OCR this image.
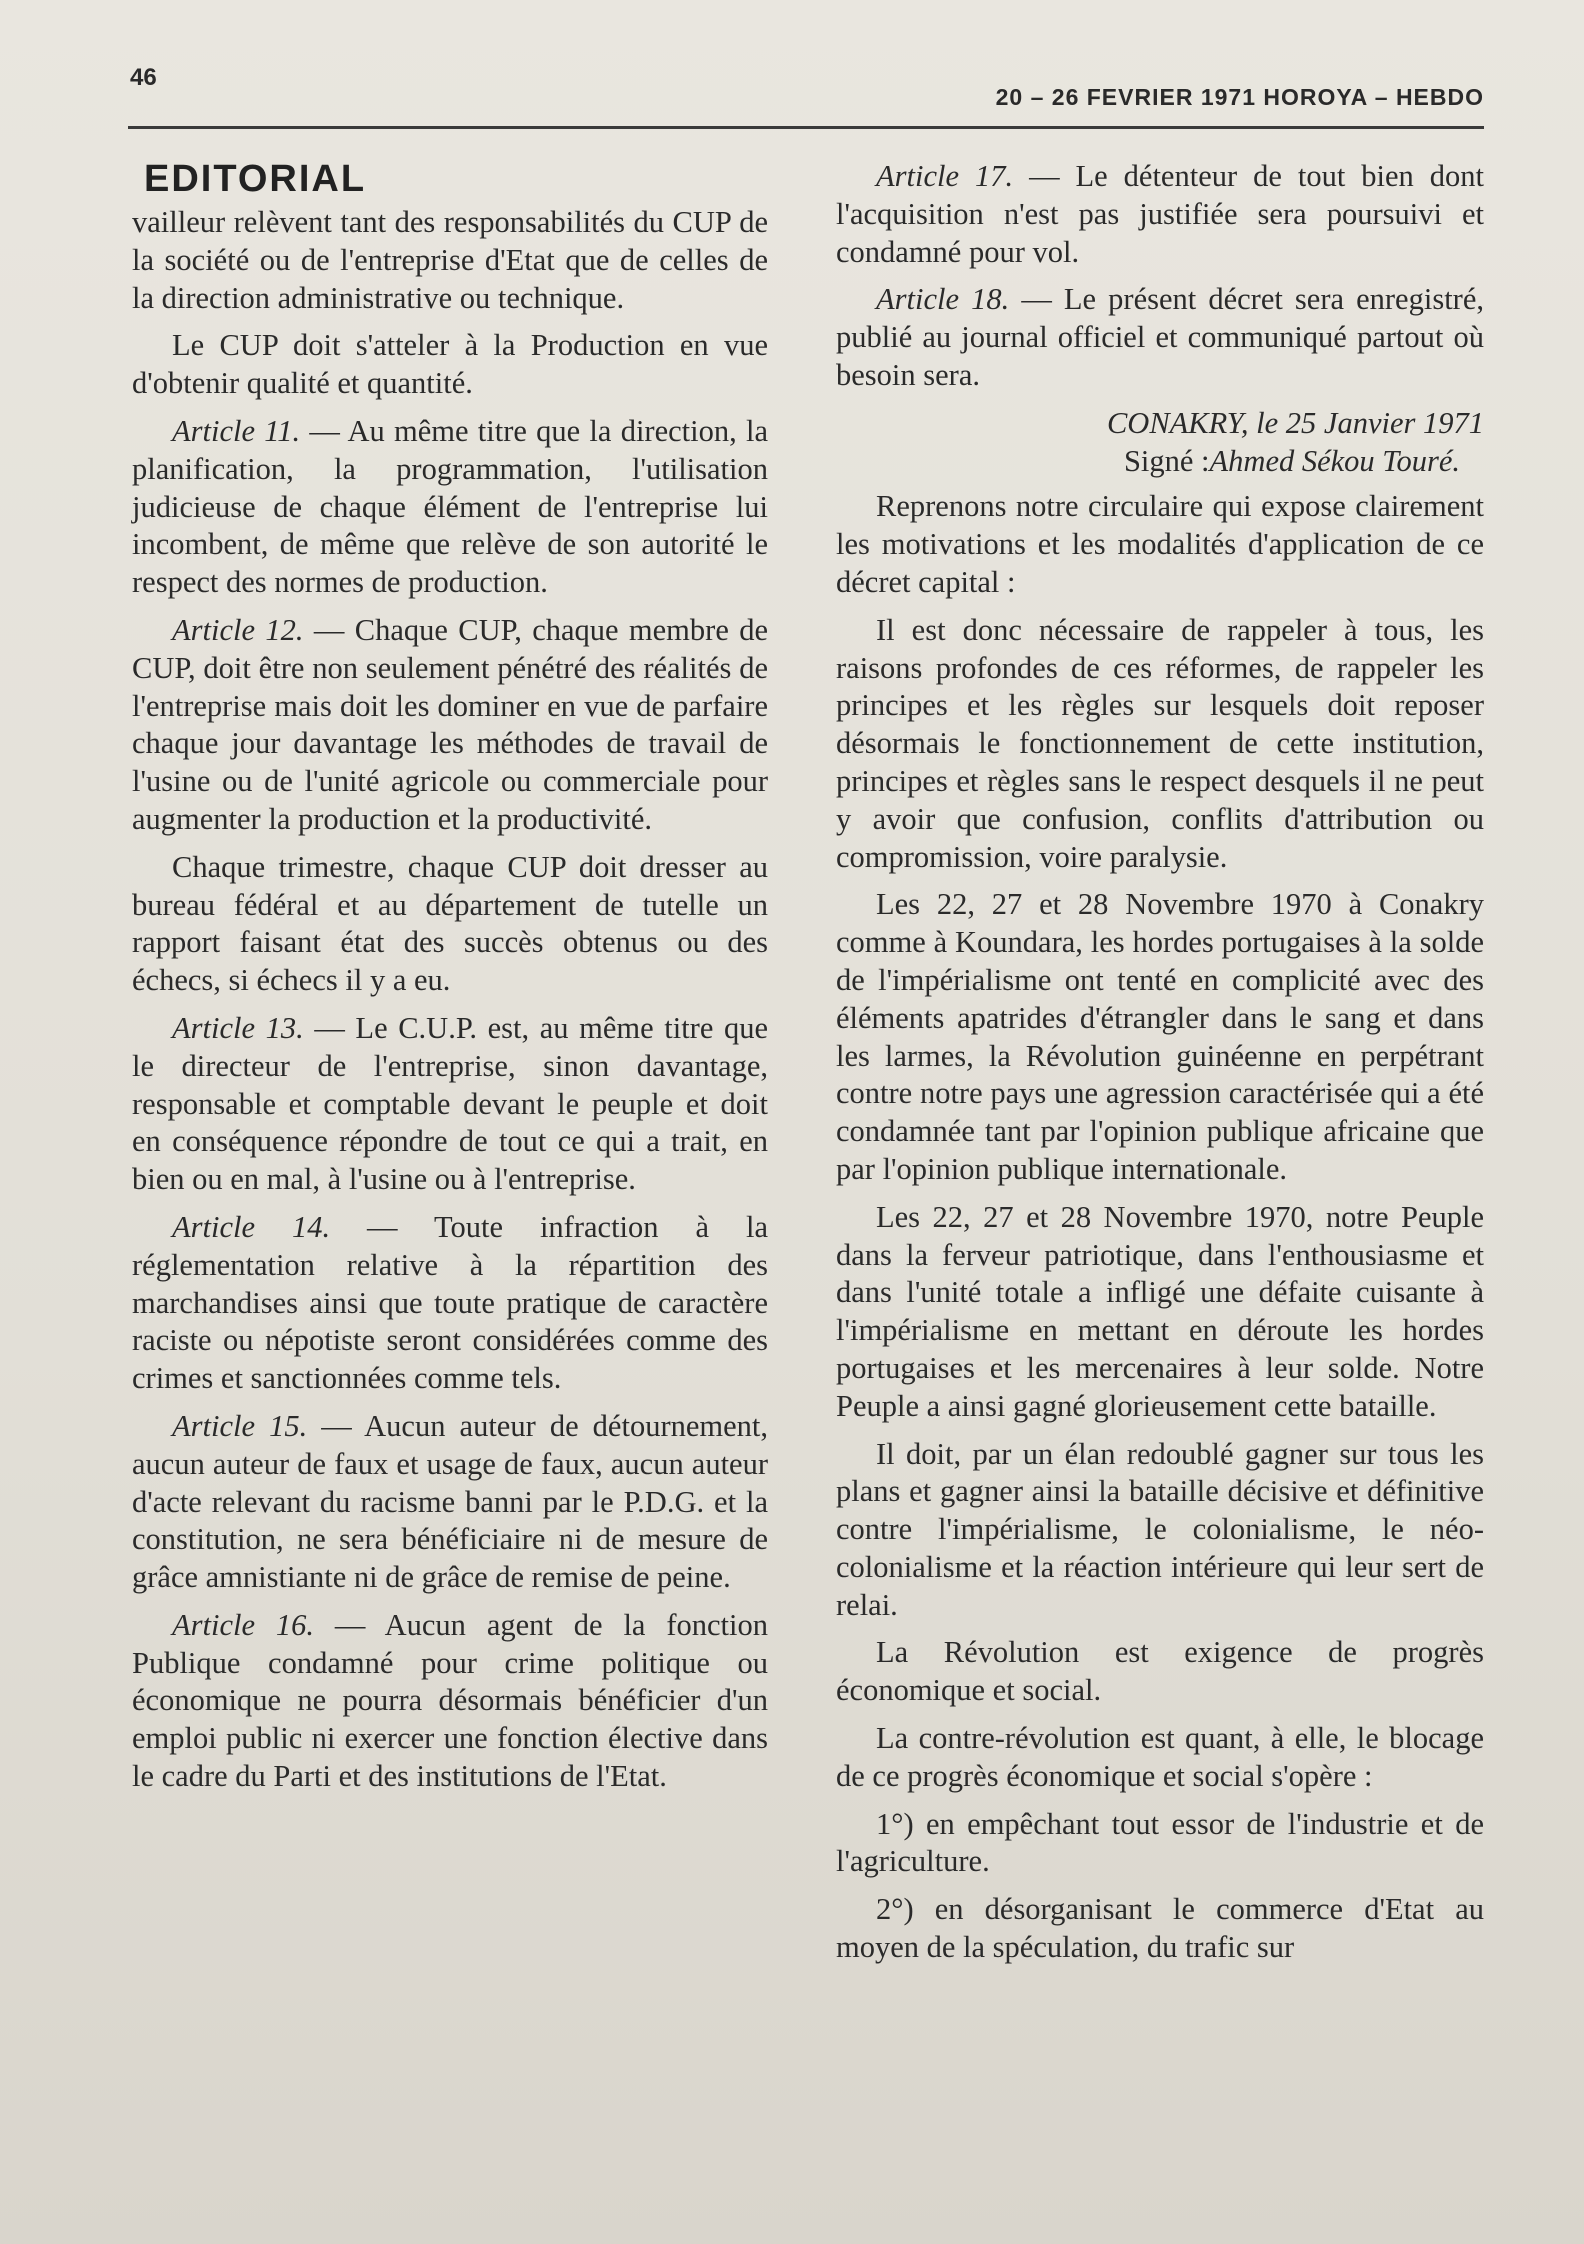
46
20 – 26 FEVRIER 1971 HOROYA – HEBDO
EDITORIAL

vailleur relèvent tant des responsabilités du CUP de la société ou de l'entreprise d'Etat que de celles de la direction administrative ou technique.

Le CUP doit s'atteler à la Production en vue d'obtenir qualité et quantité.

Article 11. — Au même titre que la direction, la planification, la programmation, l'utilisation judicieuse de chaque élément de l'entreprise lui incombent, de même que relève de son autorité le respect des normes de production.

Article 12. — Chaque CUP, chaque membre de CUP, doit être non seulement pénétré des réalités de l'entreprise mais doit les dominer en vue de parfaire chaque jour davantage les méthodes de travail de l'usine ou de l'unité agricole ou commerciale pour augmenter la production et la productivité.

Chaque trimestre, chaque CUP doit dresser au bureau fédéral et au département de tutelle un rapport faisant état des succès obtenus ou des échecs, si échecs il y a eu.

Article 13. — Le C.U.P. est, au même titre que le directeur de l'entreprise, sinon davantage, responsable et comptable devant le peuple et doit en conséquence répondre de tout ce qui a trait, en bien ou en mal, à l'usine ou à l'entreprise.

Article 14. — Toute infraction à la réglementation relative à la répartition des marchandises ainsi que toute pratique de caractère raciste ou népotiste seront considérées comme des crimes et sanctionnées comme tels.

Article 15. — Aucun auteur de détournement, aucun auteur de faux et usage de faux, aucun auteur d'acte relevant du racisme banni par le P.D.G. et la constitution, ne sera bénéficiaire ni de mesure de grâce amnistiante ni de grâce de remise de peine.

Article 16. — Aucun agent de la fonction Publique condamné pour crime politique ou économique ne pourra désormais bénéficier d'un emploi public ni exercer une fonction élective dans le cadre du Parti et des institutions de l'Etat.

Article 17. — Le détenteur de tout bien dont l'acquisition n'est pas justifiée sera poursuivi et condamné pour vol.

Article 18. — Le présent décret sera enregistré, publié au journal officiel et communiqué partout où besoin sera.

CONAKRY, le 25 Janvier 1971

Signé :Ahmed Sékou Touré.

Reprenons notre circulaire qui expose clairement les motivations et les modalités d'application de ce décret capital :

Il est donc nécessaire de rappeler à tous, les raisons profondes de ces réformes, de rappeler les principes et les règles sur lesquels doit reposer désormais le fonctionnement de cette institution, principes et règles sans le respect desquels il ne peut y avoir que confusion, conflits d'attribution ou compromission, voire paralysie.

Les 22, 27 et 28 Novembre 1970 à Conakry comme à Koundara, les hordes portugaises à la solde de l'impérialisme ont tenté en complicité avec des éléments apatrides d'étrangler dans le sang et dans les larmes, la Révolution guinéenne en perpétrant contre notre pays une agression caractérisée qui a été condamnée tant par l'opinion publique africaine que par l'opinion publique internationale.

Les 22, 27 et 28 Novembre 1970, notre Peuple dans la ferveur patriotique, dans l'enthousiasme et dans l'unité totale a infligé une défaite cuisante à l'impérialisme en mettant en déroute les hordes portugaises et les mercenaires à leur solde. Notre Peuple a ainsi gagné glorieusement cette bataille.

Il doit, par un élan redoublé gagner sur tous les plans et gagner ainsi la bataille décisive et définitive contre l'impérialisme, le colonialisme, le néo-colonialisme et la réaction intérieure qui leur sert de relai.

La Révolution est exigence de progrès économique et social.

La contre-révolution est quant, à elle, le blocage de ce progrès économique et social s'opère :

1°) en empêchant tout essor de l'industrie et de l'agriculture.

2°) en désorganisant le commerce d'Etat au moyen de la spéculation, du trafic sur
